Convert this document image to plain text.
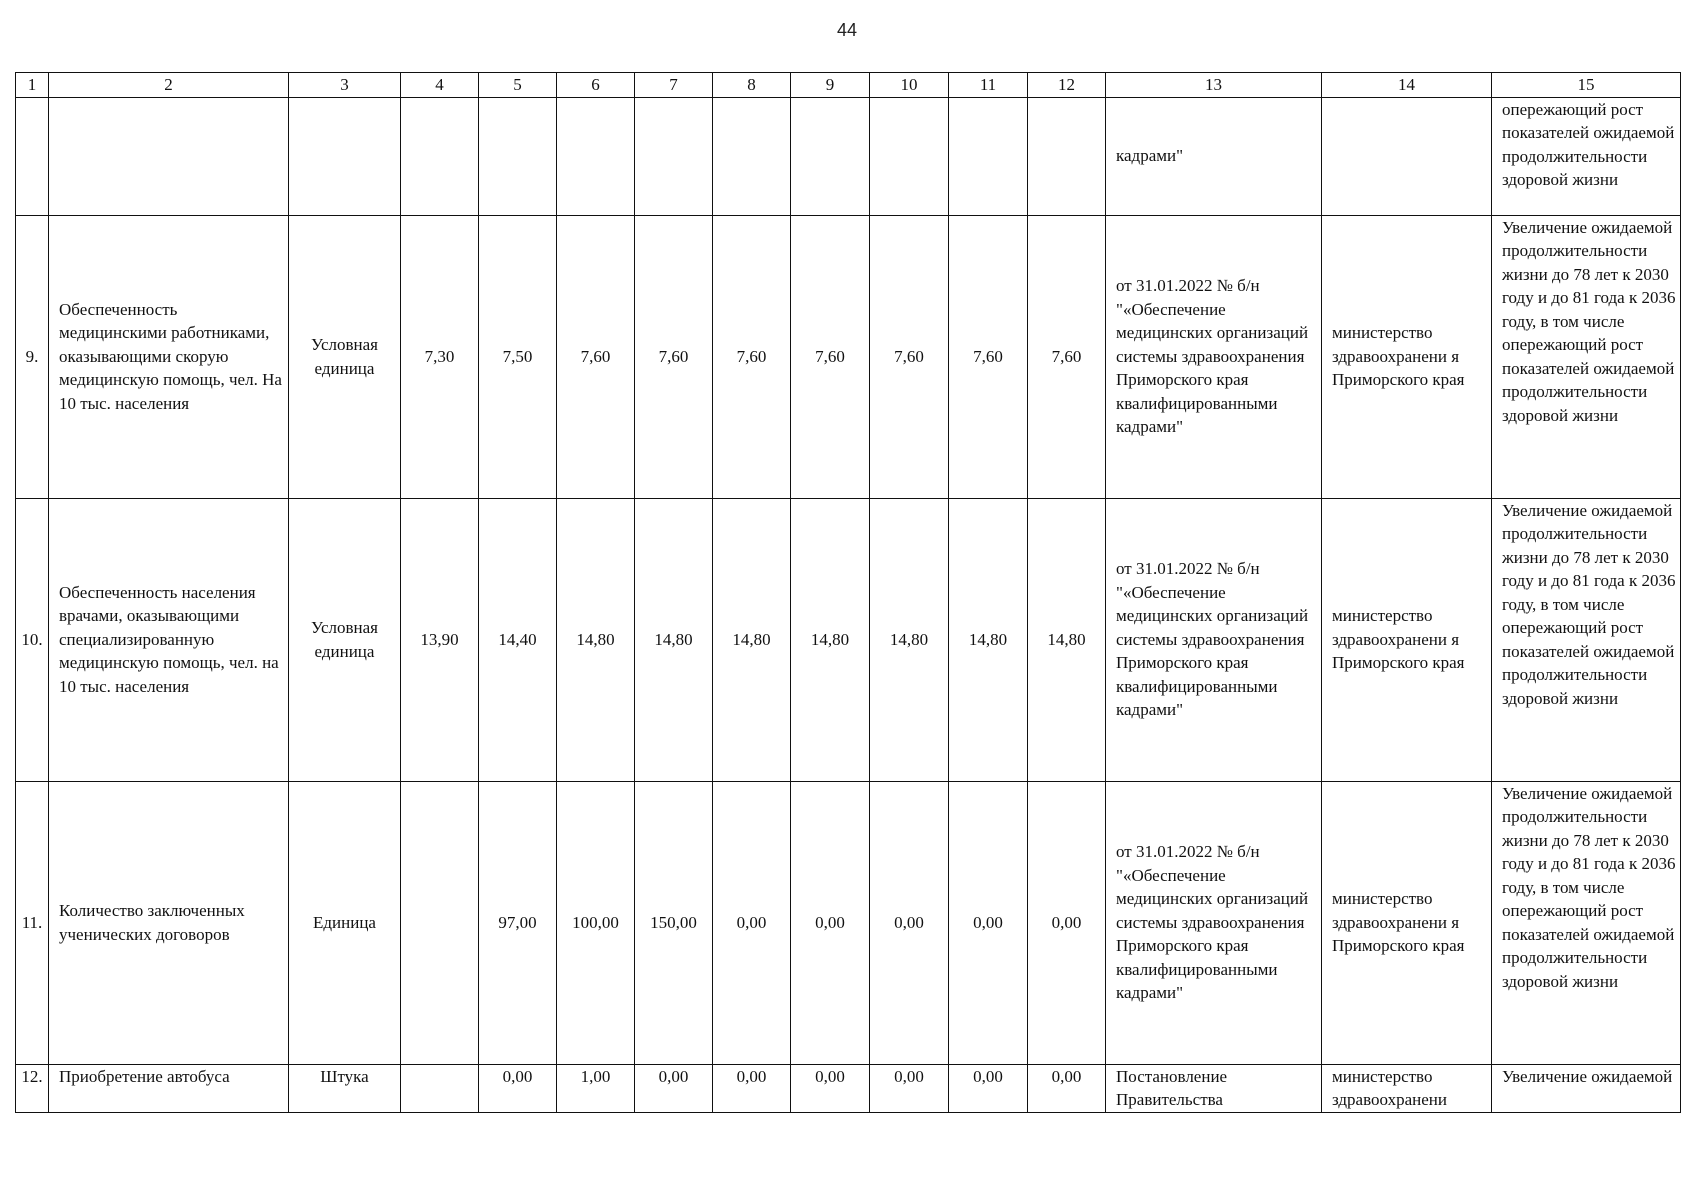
44
1	2	3	4	5	6	7	8	9	10	11	12	13	14	15
												кадрами"		опережающий рост показателей ожидаемой продолжительности здоровой жизни
9.	Обеспеченность медицинскими работниками, оказывающими скорую медицинскую помощь, чел. На 10 тыс. населения	Условная единица	7,30	7,50	7,60	7,60	7,60	7,60	7,60	7,60	7,60	от 31.01.2022 № б/н "«Обеспечение медицинских организаций системы здравоохранения Приморского края квалифицированными кадрами"	министерство здравоохранени я Приморского края	Увеличение ожидаемой продолжительности жизни до 78 лет к 2030 году и до 81 года к 2036 году, в том числе опережающий рост показателей ожидаемой продолжительности здоровой жизни
10.	Обеспеченность населения врачами, оказывающими специализированную медицинскую помощь, чел. на 10 тыс. населения	Условная единица	13,90	14,40	14,80	14,80	14,80	14,80	14,80	14,80	14,80	от 31.01.2022 № б/н "«Обеспечение медицинских организаций системы здравоохранения Приморского края квалифицированными кадрами"	министерство здравоохранени я Приморского края	Увеличение ожидаемой продолжительности жизни до 78 лет к 2030 году и до 81 года к 2036 году, в том числе опережающий рост показателей ожидаемой продолжительности здоровой жизни
11.	Количество заключенных ученических договоров	Единица		97,00	100,00	150,00	0,00	0,00	0,00	0,00	0,00	от 31.01.2022 № б/н "«Обеспечение медицинских организаций системы здравоохранения Приморского края квалифицированными кадрами"	министерство здравоохранени я Приморского края	Увеличение ожидаемой продолжительности жизни до 78 лет к 2030 году и до 81 года к 2036 году, в том числе опережающий рост показателей ожидаемой продолжительности здоровой жизни
12.	Приобретение автобуса	Штука		0,00	1,00	0,00	0,00	0,00	0,00	0,00	0,00	Постановление Правительства	министерство здравоохранени	Увеличение ожидаемой
